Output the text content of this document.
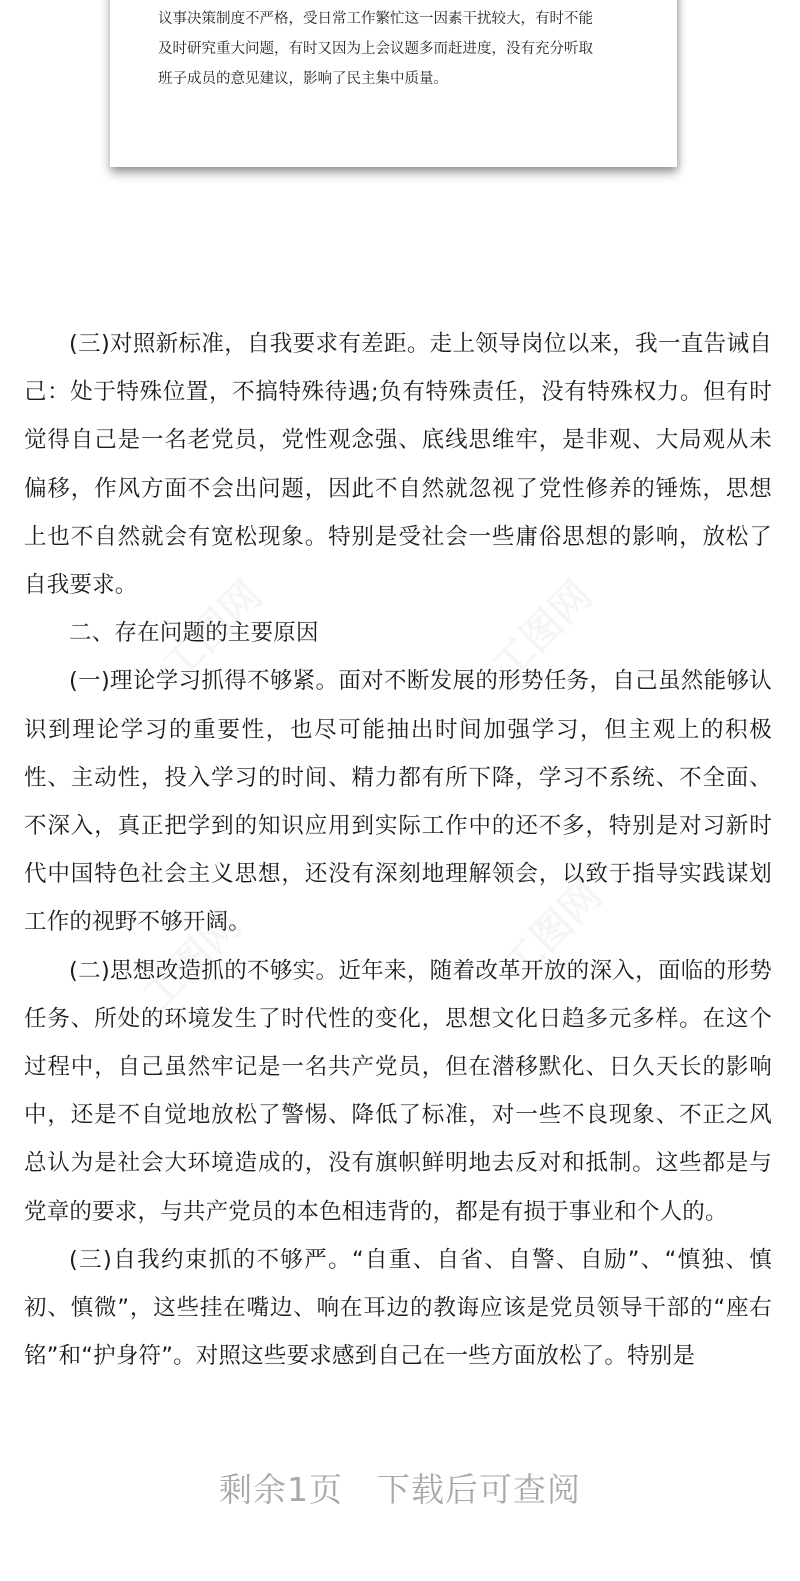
议事决策制度不严格，受日常工作繁忙这一因素干扰较大，有时不能
及时研究重大问题，有时又因为上会议题多而赶进度，没有充分听取
班子成员的意见建议，影响了民主集中质量。

(三)对照新标准，自我要求有差距。走上领导岗位以来，我一直告诫自己：处于特殊位置，不搞特殊待遇;负有特殊责任，没有特殊权力。但有时觉得自己是一名老党员，党性观念强、底线思维牢，是非观、大局观从未偏移，作风方面不会出问题，因此不自然就忽视了党性修养的锤炼，思想上也不自然就会有宽松现象。特别是受社会一些庸俗思想的影响，放松了自我要求。

二、存在问题的主要原因

(一)理论学习抓得不够紧。面对不断发展的形势任务，自己虽然能够认识到理论学习的重要性，也尽可能抽出时间加强学习，但主观上的积极性、主动性，投入学习的时间、精力都有所下降，学习不系统、不全面、不深入，真正把学到的知识应用到实际工作中的还不多，特别是对习新时代中国特色社会主义思想，还没有深刻地理解领会，以致于指导实践谋划工作的视野不够开阔。

(二)思想改造抓的不够实。近年来，随着改革开放的深入，面临的形势任务、所处的环境发生了时代性的变化，思想文化日趋多元多样。在这个过程中，自己虽然牢记是一名共产党员，但在潜移默化、日久天长的影响中，还是不自觉地放松了警惕、降低了标准，对一些不良现象、不正之风总认为是社会大环境造成的，没有旗帜鲜明地去反对和抵制。这些都是与党章的要求，与共产党员的本色相违背的，都是有损于事业和个人的。

(三)自我约束抓的不够严。“自重、自省、自警、自励”、“慎独、慎初、慎微”，这些挂在嘴边、响在耳边的教诲应该是党员领导干部的“座右铭”和“护身符”。对照这些要求感到自己在一些方面放松了。特别是

剩余1页 下载后可查阅
